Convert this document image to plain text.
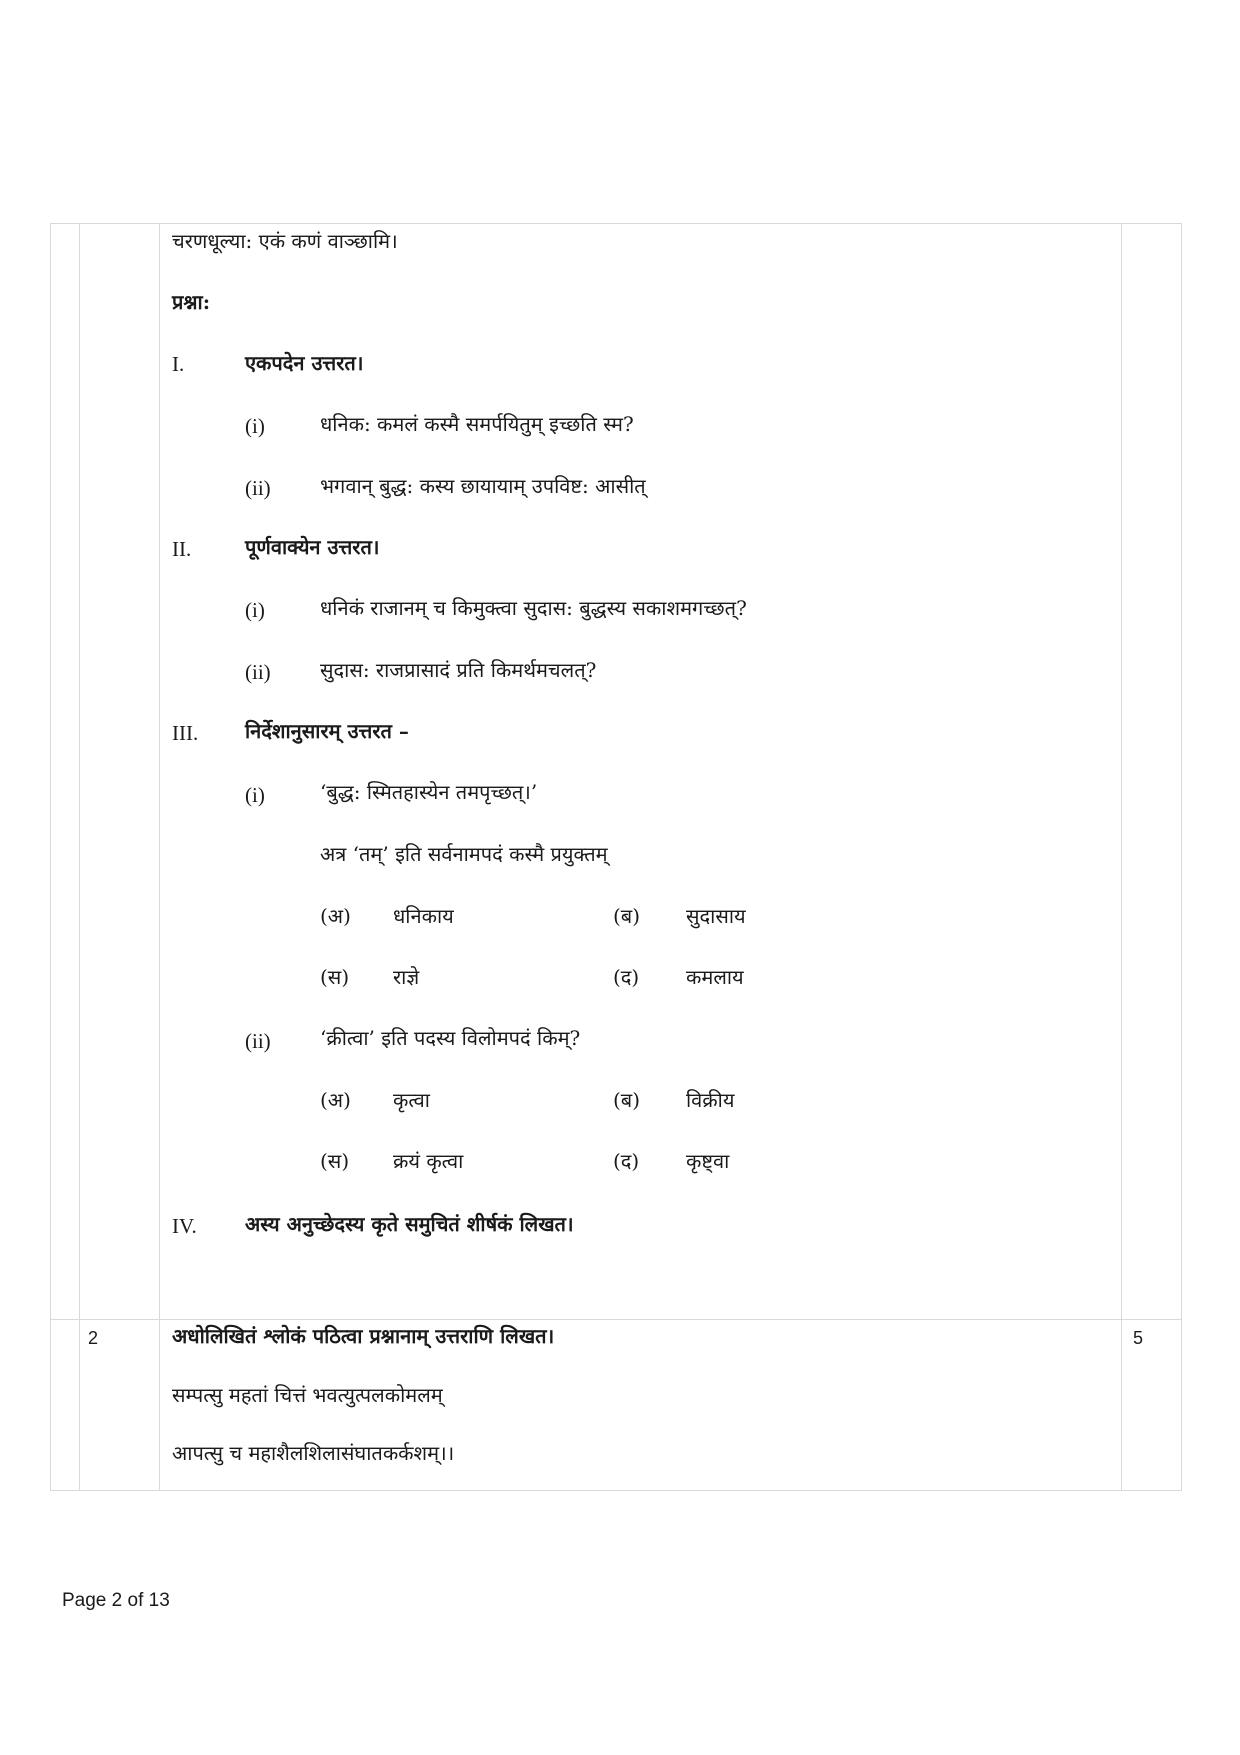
चरणधूल्या: एकं कणं वाञ्छामि।
प्रश्ना:
I.	एकपदेन उत्तरत।
(i)	धनिक: कमलं कस्मै समर्पयितुम् इच्छति स्म?
(ii) भगवान् बुद्ध: कस्य छायायाम् उपविष्ट: आसीत्
II.	पूर्णवाक्येन उत्तरत।
(i)	धनिकं राजानम् च किमुक्त्वा सुदास: बुद्धस्य सकाशमगच्छत्?
(ii) सुदास: राजप्रासादं प्रति किमर्थमचलत्?
III. निर्देशानुसारम् उत्तरत –
(i)	‘बुद्ध: स्मितहास्येन तमपृच्छत्।’
अत्र ‘तम्’ इति सर्वनामपदं कस्मै प्रयुक्तम्
(अ) धनिकाय	(ब) सुदासाय
(स) राज्ञे	(द) कमलाय
(ii) ‘क्रीत्वा’ इति पदस्य विलोमपदं किम्?
(अ) कृत्वा	(ब) विक्रीय
(स) क्रयं कृत्वा	(द) कृष्ट्वा
IV. अस्य अनुच्छेदस्य कृते समुचितं शीर्षकं लिखत।
2	अधोलिखितं श्लोकं पठित्वा प्रश्नानाम् उत्तराणि लिखत।	5
सम्पत्सु महतां चित्तं भवत्युत्पलकोमलम्
आपत्सु च महाशैलशिलासंघातकर्कशम्।।
Page 2 of 13
